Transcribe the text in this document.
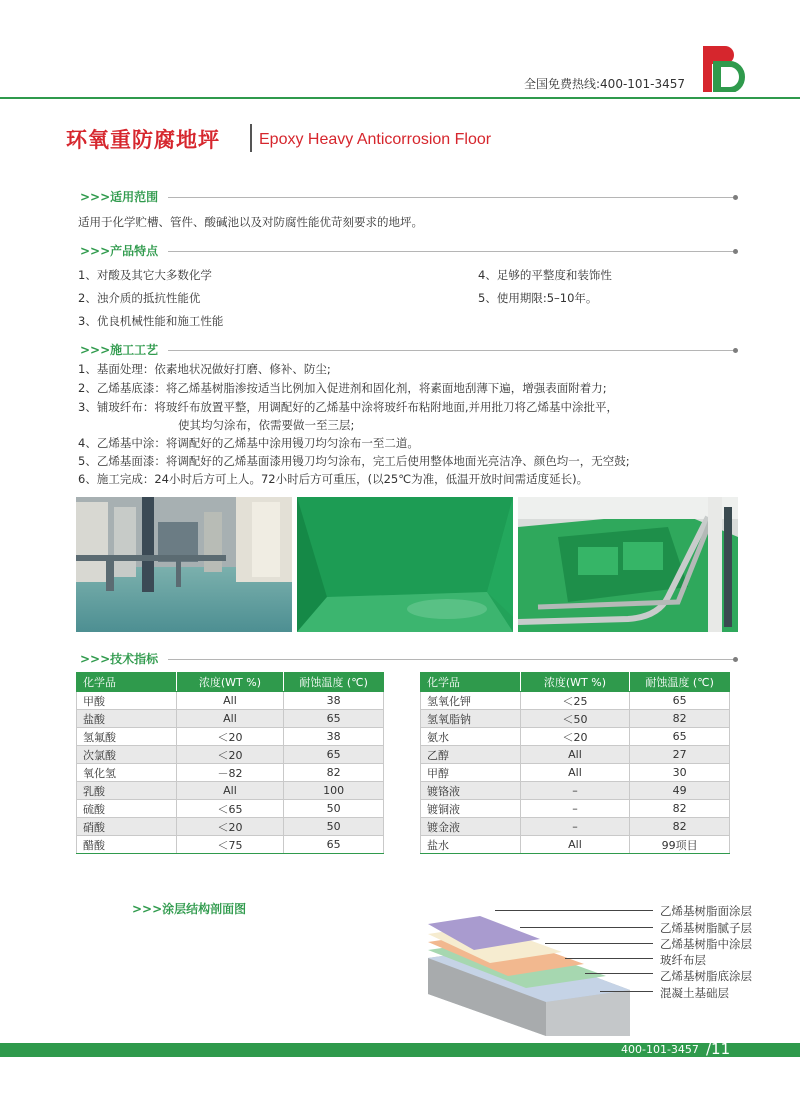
全国免费热线:400-101-3457
环氧重防腐地坪 Epoxy Heavy Anticorrosion Floor
>>>适用范围
适用于化学贮槽、管件、酸碱池以及对防腐性能优苛刻要求的地坪。
>>>产品特点
1、对酸及其它大多数化学
2、浊介质的抵抗性能优
3、优良机械性能和施工性能
4、足够的平整度和装饰性
5、使用期限:5–10年。
>>>施工工艺
1、基面处理：依素地状况做好打磨、修补、防尘;
2、乙烯基底漆：将乙烯基树脂渗按适当比例加入促进剂和固化剂，将素面地刮薄下遍，增强表面附着力;
3、铺玻纤布：将玻纤布放置平整，用调配好的乙烯基中涂将玻纤布粘附地面,并用批刀将乙烯基中涂批平，
使其均匀涂布，依需要做一至三层;
4、乙烯基中涂：将调配好的乙烯基中涂用镘刀均匀涂布一至二道。
5、乙烯基面漆：将调配好的乙烯基面漆用镘刀均匀涂布，完工后使用整体地面光亮洁净、颜色均一，无空鼓;
6、施工完成：24小时后方可上人。72小时后方可重压，(以25℃为准，低温开放时间需适度延长)。
>>>技术指标
化学品	浓度(WT %)	耐蚀温度 (℃)
甲酸	All	38
盐酸	All	65
氢氟酸	＜20	38
次氯酸	＜20	65
氧化氢	－82	82
乳酸	All	100
硫酸	＜65	50
硝酸	＜20	50
醋酸	＜75	65
化学品	浓度(WT %)	耐蚀温度 (℃)
氢氧化钾	＜25	65
氢氧脂钠	＜50	82
氨水	＜20	65
乙醇	All	27
甲醇	All	30
镀铬液	–	49
镀铜液	–	82
镀金液	–	82
盐水	All	99项目
>>>涂层结构剖面图	乙烯基树脂面涂层
乙烯基树脂腻子层
乙烯基树脂中涂层
玻纤布层
乙烯基树脂底涂层
混凝土基础层
400-101-3457 /11
